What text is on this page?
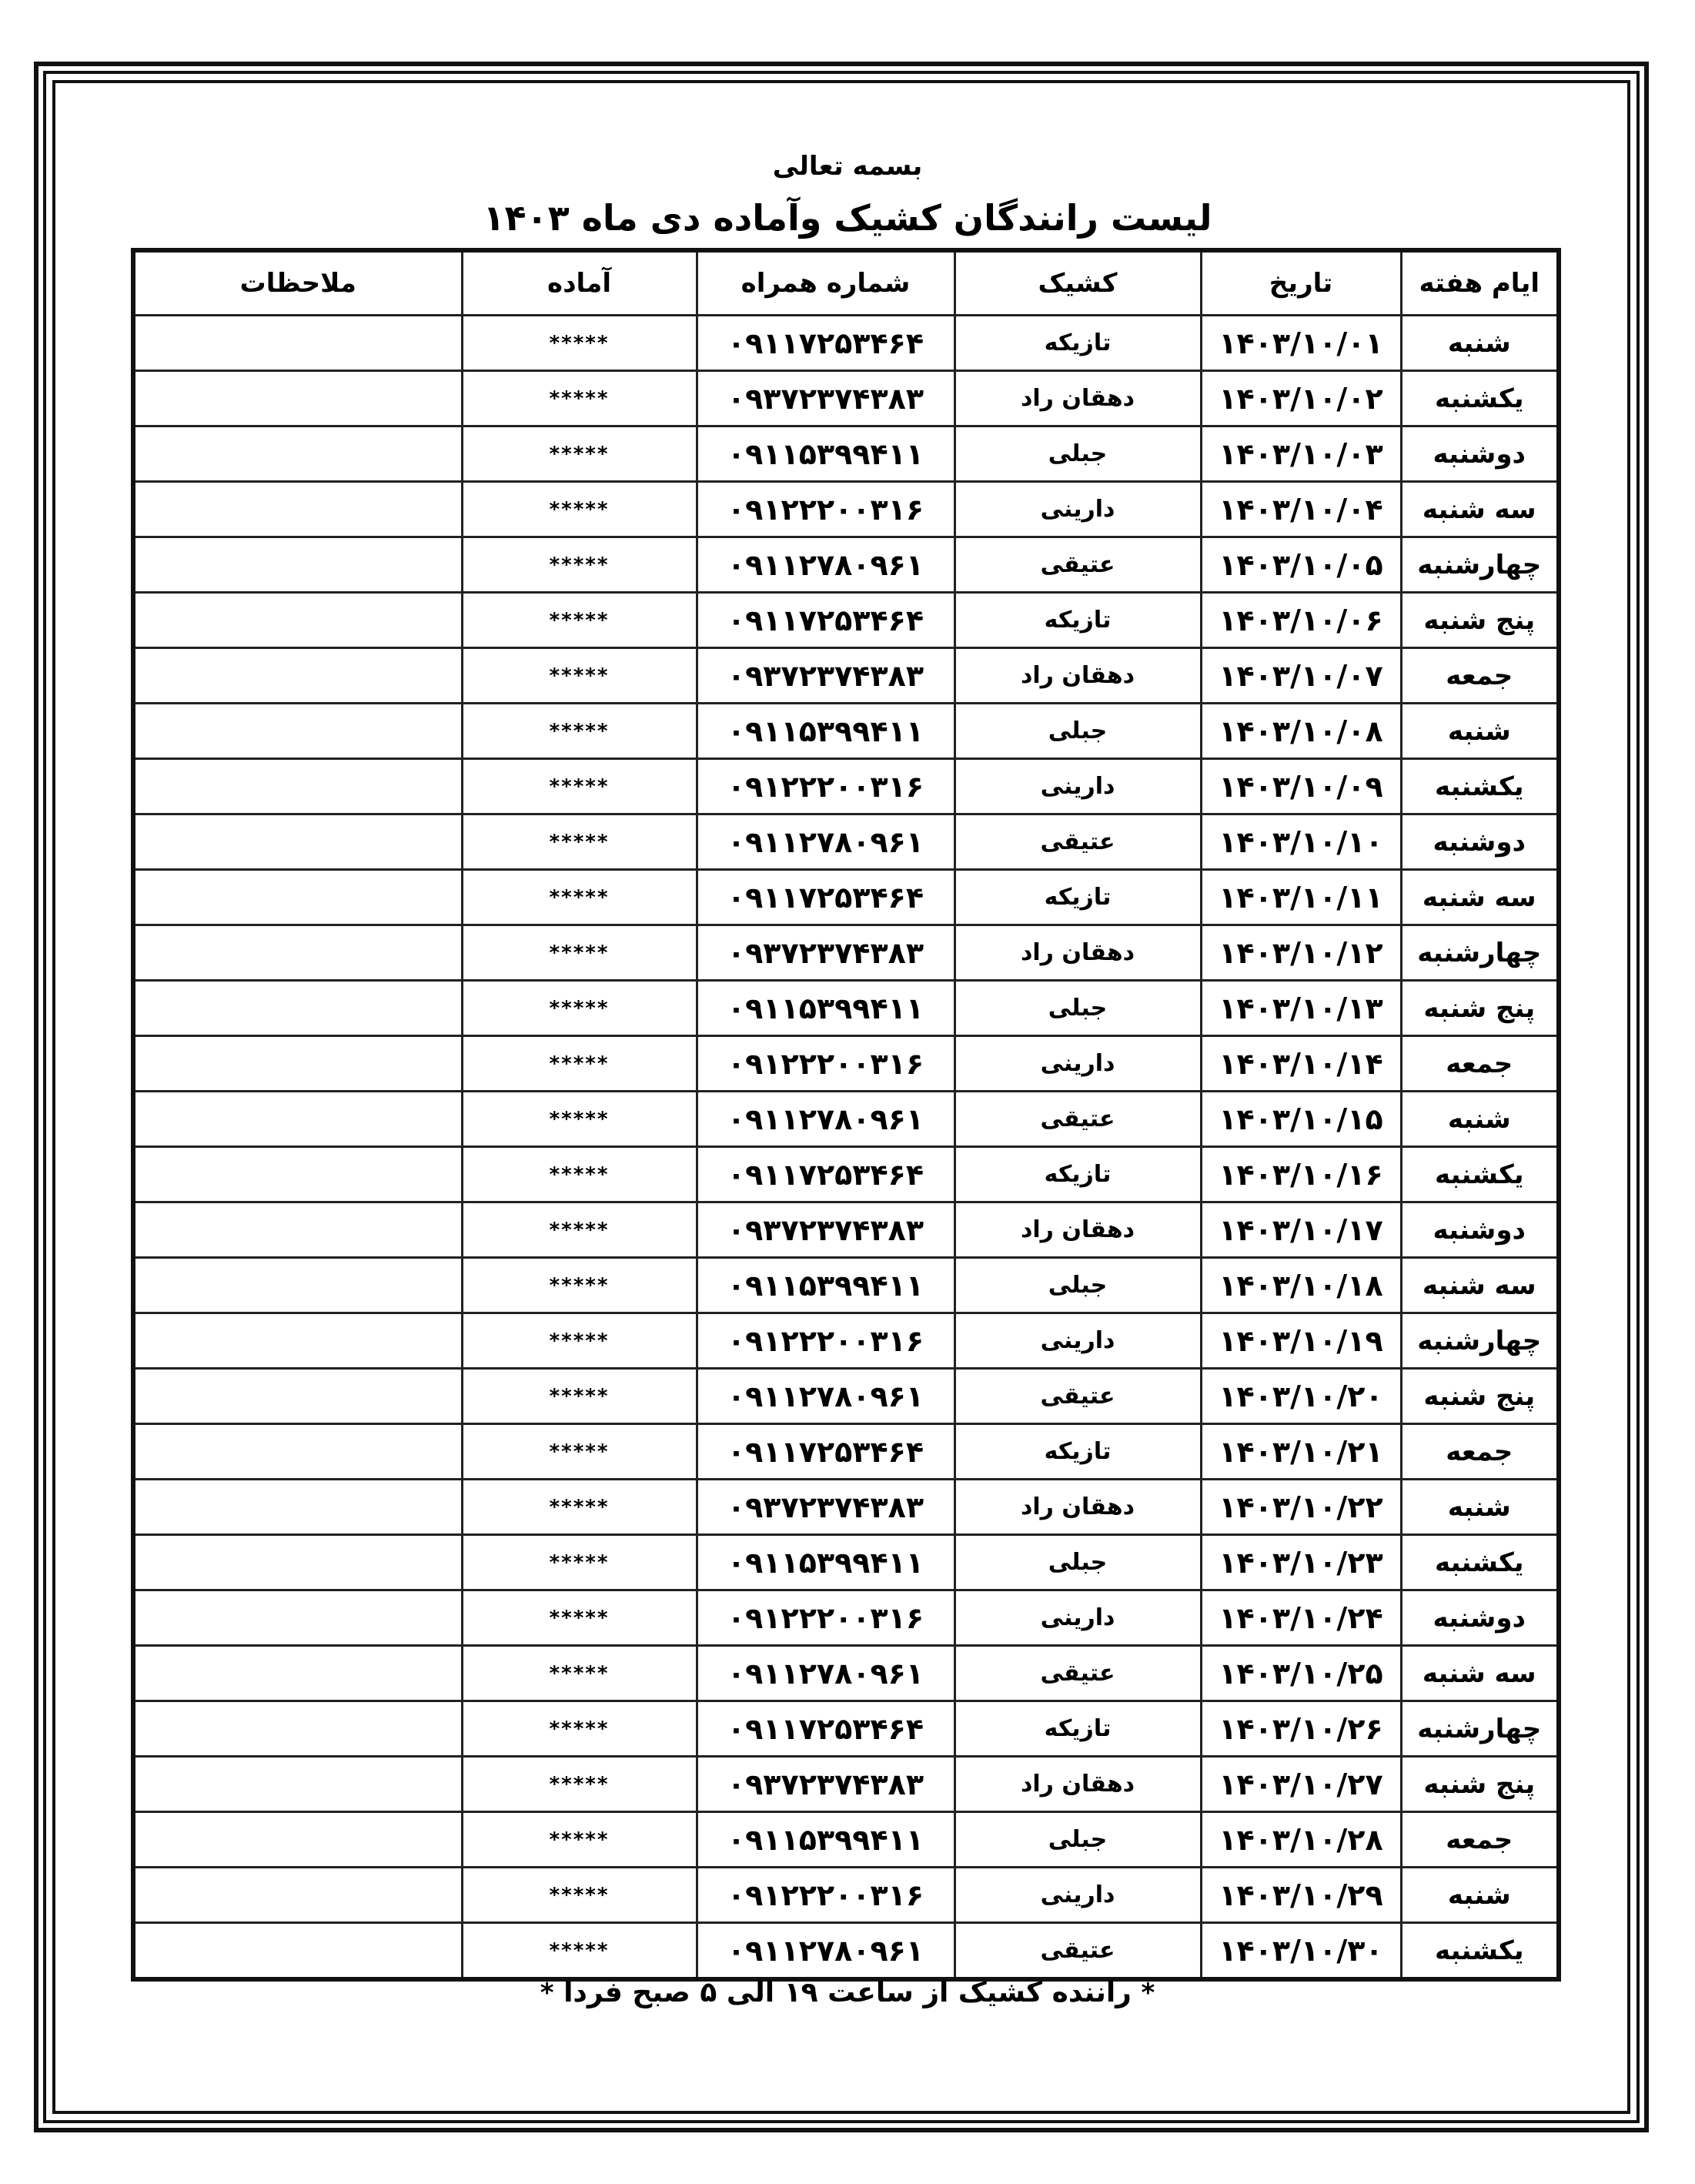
بسمه تعالی
لیست رانندگان کشیک وآماده دی ماه ۱۴۰۳
ایام هفته	تاریخ	کشیک	شماره همراه	آماده	ملاحظات
شنبه	۱۴۰۳/۱۰/۰۱	تازیکه	۰۹۱۱۷۲۵۳۴۶۴	*****	
یکشنبه	۱۴۰۳/۱۰/۰۲	دهقان راد	۰۹۳۷۲۳۷۴۳۸۳	*****	
دوشنبه	۱۴۰۳/۱۰/۰۳	جبلی	۰۹۱۱۵۳۹۹۴۱۱	*****	
سه شنبه	۱۴۰۳/۱۰/۰۴	دارینی	۰۹۱۲۲۲۰۰۳۱۶	*****	
چهارشنبه	۱۴۰۳/۱۰/۰۵	عتیقی	۰۹۱۱۲۷۸۰۹۶۱	*****	
پنج شنبه	۱۴۰۳/۱۰/۰۶	تازیکه	۰۹۱۱۷۲۵۳۴۶۴	*****	
جمعه	۱۴۰۳/۱۰/۰۷	دهقان راد	۰۹۳۷۲۳۷۴۳۸۳	*****	
شنبه	۱۴۰۳/۱۰/۰۸	جبلی	۰۹۱۱۵۳۹۹۴۱۱	*****	
یکشنبه	۱۴۰۳/۱۰/۰۹	دارینی	۰۹۱۲۲۲۰۰۳۱۶	*****	
دوشنبه	۱۴۰۳/۱۰/۱۰	عتیقی	۰۹۱۱۲۷۸۰۹۶۱	*****	
سه شنبه	۱۴۰۳/۱۰/۱۱	تازیکه	۰۹۱۱۷۲۵۳۴۶۴	*****	
چهارشنبه	۱۴۰۳/۱۰/۱۲	دهقان راد	۰۹۳۷۲۳۷۴۳۸۳	*****	
پنج شنبه	۱۴۰۳/۱۰/۱۳	جبلی	۰۹۱۱۵۳۹۹۴۱۱	*****	
جمعه	۱۴۰۳/۱۰/۱۴	دارینی	۰۹۱۲۲۲۰۰۳۱۶	*****	
شنبه	۱۴۰۳/۱۰/۱۵	عتیقی	۰۹۱۱۲۷۸۰۹۶۱	*****	
یکشنبه	۱۴۰۳/۱۰/۱۶	تازیکه	۰۹۱۱۷۲۵۳۴۶۴	*****	
دوشنبه	۱۴۰۳/۱۰/۱۷	دهقان راد	۰۹۳۷۲۳۷۴۳۸۳	*****	
سه شنبه	۱۴۰۳/۱۰/۱۸	جبلی	۰۹۱۱۵۳۹۹۴۱۱	*****	
چهارشنبه	۱۴۰۳/۱۰/۱۹	دارینی	۰۹۱۲۲۲۰۰۳۱۶	*****	
پنج شنبه	۱۴۰۳/۱۰/۲۰	عتیقی	۰۹۱۱۲۷۸۰۹۶۱	*****	
جمعه	۱۴۰۳/۱۰/۲۱	تازیکه	۰۹۱۱۷۲۵۳۴۶۴	*****	
شنبه	۱۴۰۳/۱۰/۲۲	دهقان راد	۰۹۳۷۲۳۷۴۳۸۳	*****	
یکشنبه	۱۴۰۳/۱۰/۲۳	جبلی	۰۹۱۱۵۳۹۹۴۱۱	*****	
دوشنبه	۱۴۰۳/۱۰/۲۴	دارینی	۰۹۱۲۲۲۰۰۳۱۶	*****	
سه شنبه	۱۴۰۳/۱۰/۲۵	عتیقی	۰۹۱۱۲۷۸۰۹۶۱	*****	
چهارشنبه	۱۴۰۳/۱۰/۲۶	تازیکه	۰۹۱۱۷۲۵۳۴۶۴	*****	
پنج شنبه	۱۴۰۳/۱۰/۲۷	دهقان راد	۰۹۳۷۲۳۷۴۳۸۳	*****	
جمعه	۱۴۰۳/۱۰/۲۸	جبلی	۰۹۱۱۵۳۹۹۴۱۱	*****	
شنبه	۱۴۰۳/۱۰/۲۹	دارینی	۰۹۱۲۲۲۰۰۳۱۶	*****	
یکشنبه	۱۴۰۳/۱۰/۳۰	عتیقی	۰۹۱۱۲۷۸۰۹۶۱	*****	
* راننده کشیک از ساعت ۱۹ الی ۵ صبح فردا *
